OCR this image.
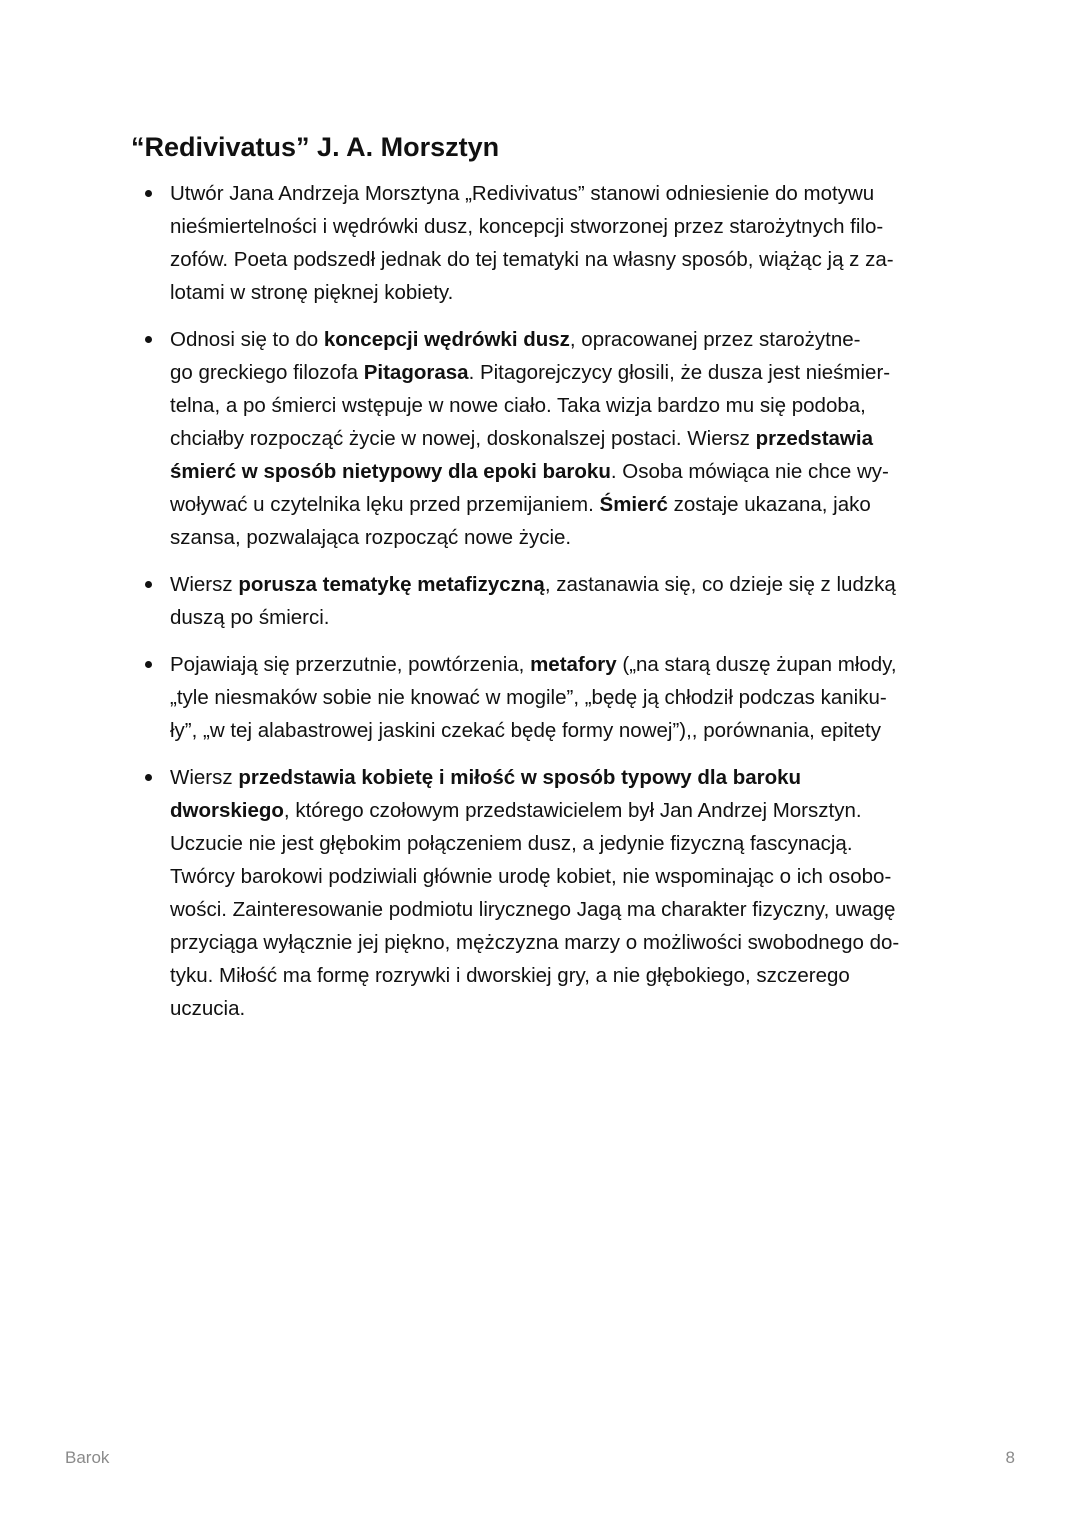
“Redivivatus” J. A. Morsztyn
Utwór Jana Andrzeja Morsztyna „Redivivatus” stanowi odniesienie do motywu
nieśmiertelności i wędrówki dusz, koncepcji stworzonej przez starożytnych filo-
zofów. Poeta podszedł jednak do tej tematyki na własny sposób, wiążąc ją z za-
lotami w stronę pięknej kobiety.
Odnosi się to do koncepcji wędrówki dusz, opracowanej przez starożytne-
go greckiego filozofa Pitagorasa. Pitagorejczycy głosili, że dusza jest nieśmier-
telna, a po śmierci wstępuje w nowe ciało. Taka wizja bardzo mu się podoba,
chciałby rozpocząć życie w nowej, doskonalszej postaci. Wiersz przedstawia
śmierć w sposób nietypowy dla epoki baroku. Osoba mówiąca nie chce wy-
woływać u czytelnika lęku przed przemijaniem. Śmierć zostaje ukazana, jako
szansa, pozwalająca rozpocząć nowe życie.
Wiersz porusza tematykę metafizyczną, zastanawia się, co dzieje się z ludzką
duszą po śmierci.
Pojawiają się przerzutnie, powtórzenia, metafory („na starą duszę żupan młody,
„tyle niesmaków sobie nie knować w mogile”, „będę ją chłodził podczas kaniku-
ły”, „w tej alabastrowej jaskini czekać będę formy nowej”),, porównania, epitety
Wiersz przedstawia kobietę i miłość w sposób typowy dla baroku
dworskiego, którego czołowym przedstawicielem był Jan Andrzej Morsztyn.
Uczucie nie jest głębokim połączeniem dusz, a jedynie fizyczną fascynacją.
Twórcy barokowi podziwiali głównie urodę kobiet, nie wspominając o ich osobo-
wości. Zainteresowanie podmiotu lirycznego Jagą ma charakter fizyczny, uwagę
przyciąga wyłącznie jej piękno, mężczyzna marzy o możliwości swobodnego do-
tyku. Miłość ma formę rozrywki i dworskiej gry, a nie głębokiego, szczerego
uczucia.
Barok	8
